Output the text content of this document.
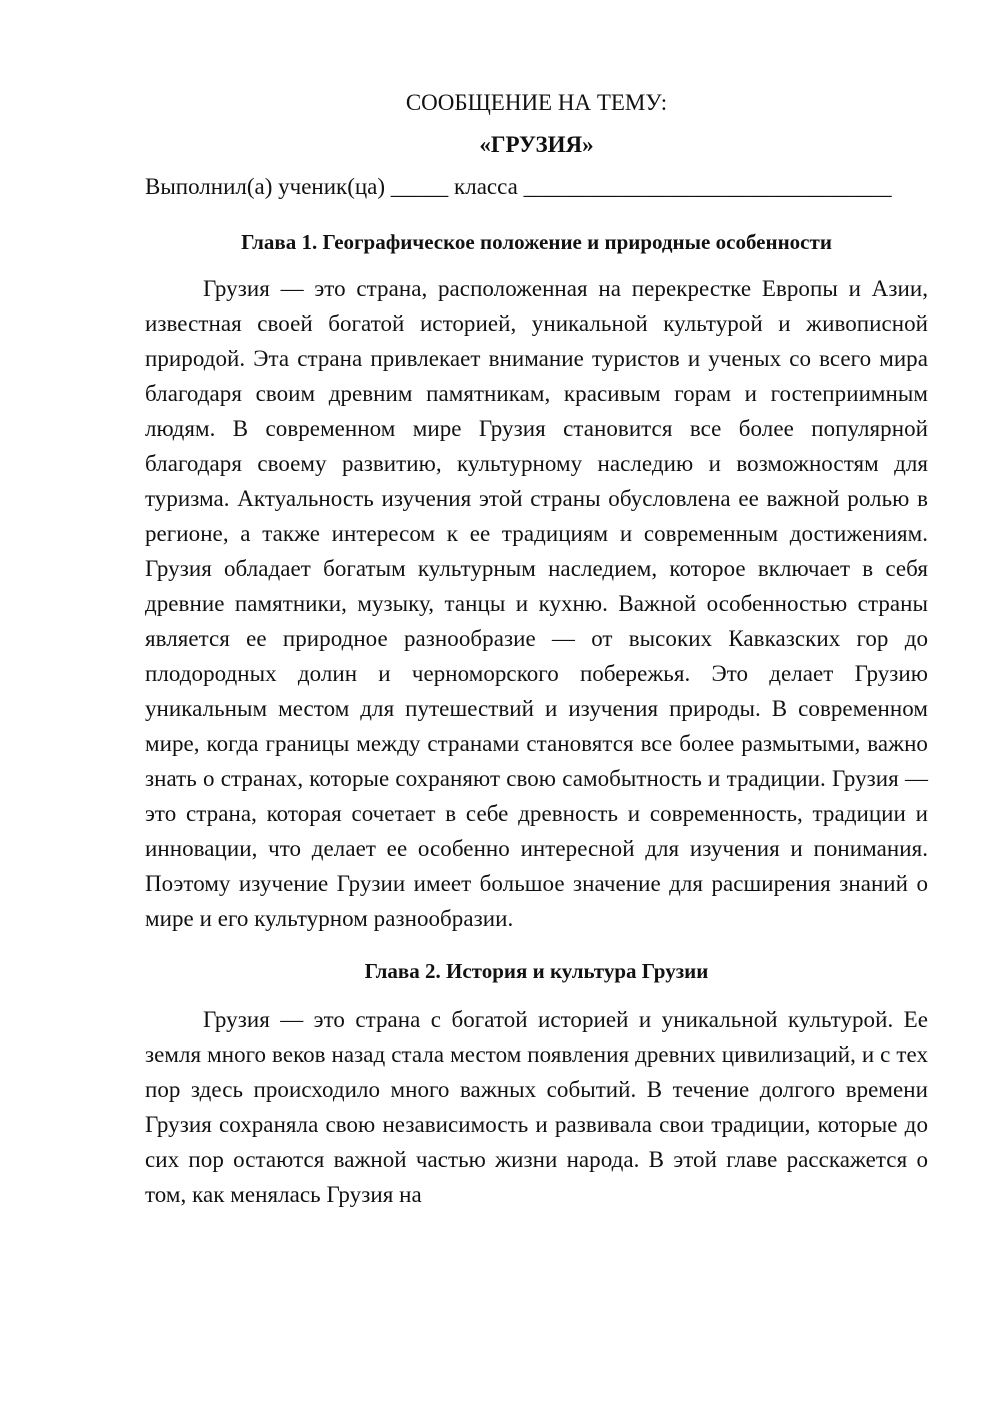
СООБЩЕНИЕ НА ТЕМУ:

«ГРУЗИЯ»

Выполнил(а) ученик(ца) _____ класса ________________________________

Глава 1. Географическое положение и природные особенности

Грузия — это страна, расположенная на перекрестке Европы и Азии, известная своей богатой историей, уникальной культурой и живописной природой. Эта страна привлекает внимание туристов и ученых со всего мира благодаря своим древним памятникам, красивым горам и гостеприимным людям. В современном мире Грузия становится все более популярной благодаря своему развитию, культурному наследию и возможностям для туризма. Актуальность изучения этой страны обусловлена ее важной ролью в регионе, а также интересом к ее традициям и современным достижениям. Грузия обладает богатым культурным наследием, которое включает в себя древние памятники, музыку, танцы и кухню. Важной особенностью страны является ее природное разнообразие — от высоких Кавказских гор до плодородных долин и черноморского побережья. Это делает Грузию уникальным местом для путешествий и изучения природы. В современном мире, когда границы между странами становятся все более размытыми, важно знать о странах, которые сохраняют свою самобытность и традиции. Грузия — это страна, которая сочетает в себе древность и современность, традиции и инновации, что делает ее особенно интересной для изучения и понимания. Поэтому изучение Грузии имеет большое значение для расширения знаний о мире и его культурном разнообразии.

Глава 2. История и культура Грузии

Грузия — это страна с богатой историей и уникальной культурой. Ее земля много веков назад стала местом появления древних цивилизаций, и с тех пор здесь происходило много важных событий. В течение долгого времени Грузия сохраняла свою независимость и развивала свои традиции, которые до сих пор остаются важной частью жизни народа. В этой главе расскажется о том, как менялась Грузия на
